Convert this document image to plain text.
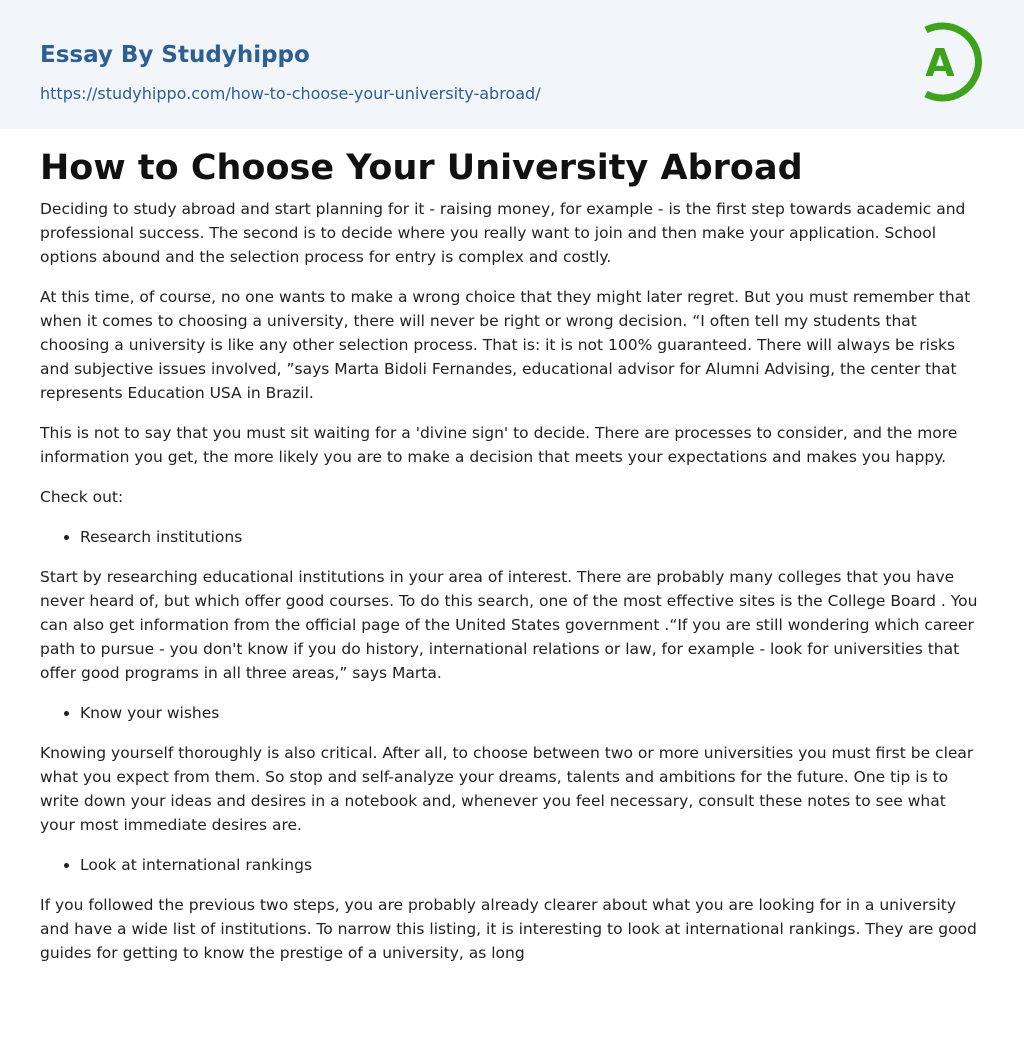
Essay By Studyhippo
https://studyhippo.com/how-to-choose-your-university-abroad/
A
How to Choose Your University Abroad

Deciding to study abroad and start planning for it - raising money, for example - is the first step towards academic and professional success. The second is to decide where you really want to join and then make your application. School options abound and the selection process for entry is complex and costly.

At this time, of course, no one wants to make a wrong choice that they might later regret. But you must remember that when it comes to choosing a university, there will never be right or wrong decision. “I often tell my students that choosing a university is like any other selection process. That is: it is not 100% guaranteed. There will always be risks and subjective issues involved, ”says Marta Bidoli Fernandes, educational advisor for Alumni Advising, the center that represents Education USA in Brazil.

This is not to say that you must sit waiting for a 'divine sign' to decide. There are processes to consider, and the more information you get, the more likely you are to make a decision that meets your expectations and makes you happy.

Check out:

• Research institutions

Start by researching educational institutions in your area of interest. There are probably many colleges that you have never heard of, but which offer good courses. To do this search, one of the most effective sites is the College Board . You can also get information from the official page of the United States government .“If you are still wondering which career path to pursue - you don't know if you do history, international relations or law, for example - look for universities that offer good programs in all three areas,” says Marta.

• Know your wishes

Knowing yourself thoroughly is also critical. After all, to choose between two or more universities you must first be clear what you expect from them. So stop and self-analyze your dreams, talents and ambitions for the future. One tip is to write down your ideas and desires in a notebook and, whenever you feel necessary, consult these notes to see what your most immediate desires are.

• Look at international rankings

If you followed the previous two steps, you are probably already clearer about what you are looking for in a university and have a wide list of institutions. To narrow this listing, it is interesting to look at international rankings. They are good guides for getting to know the prestige of a university, as long
